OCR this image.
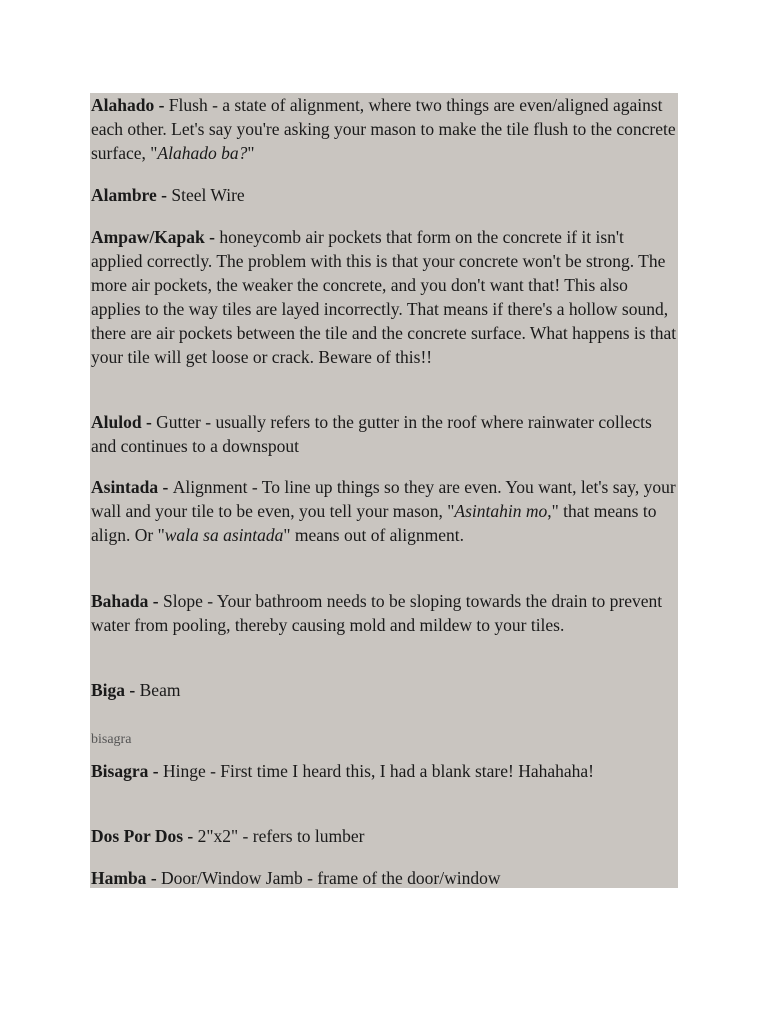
Alahado - Flush - a state of alignment, where two things are even/aligned against each other. Let's say you're asking your mason to make the tile flush to the concrete surface, "Alahado ba?"

Alambre - Steel Wire

Ampaw/Kapak - honeycomb air pockets that form on the concrete if it isn't applied correctly. The problem with this is that your concrete won't be strong. The more air pockets, the weaker the concrete, and you don't want that! This also applies to the way tiles are layed incorrectly. That means if there's a hollow sound, there are air pockets between the tile and the concrete surface. What happens is that your tile will get loose or crack. Beware of this!!

Alulod - Gutter - usually refers to the gutter in the roof where rainwater collects and continues to a downspout

Asintada - Alignment - To line up things so they are even. You want, let's say, your wall and your tile to be even, you tell your mason, "Asintahin mo," that means to align. Or "wala sa asintada" means out of alignment.

Bahada - Slope - Your bathroom needs to be sloping towards the drain to prevent water from pooling, thereby causing mold and mildew to your tiles.

Biga - Beam

bisagra

Bisagra - Hinge - First time I heard this, I had a blank stare! Hahahaha!

Dos Por Dos - 2"x2" - refers to lumber

Hamba - Door/Window Jamb - frame of the door/window
